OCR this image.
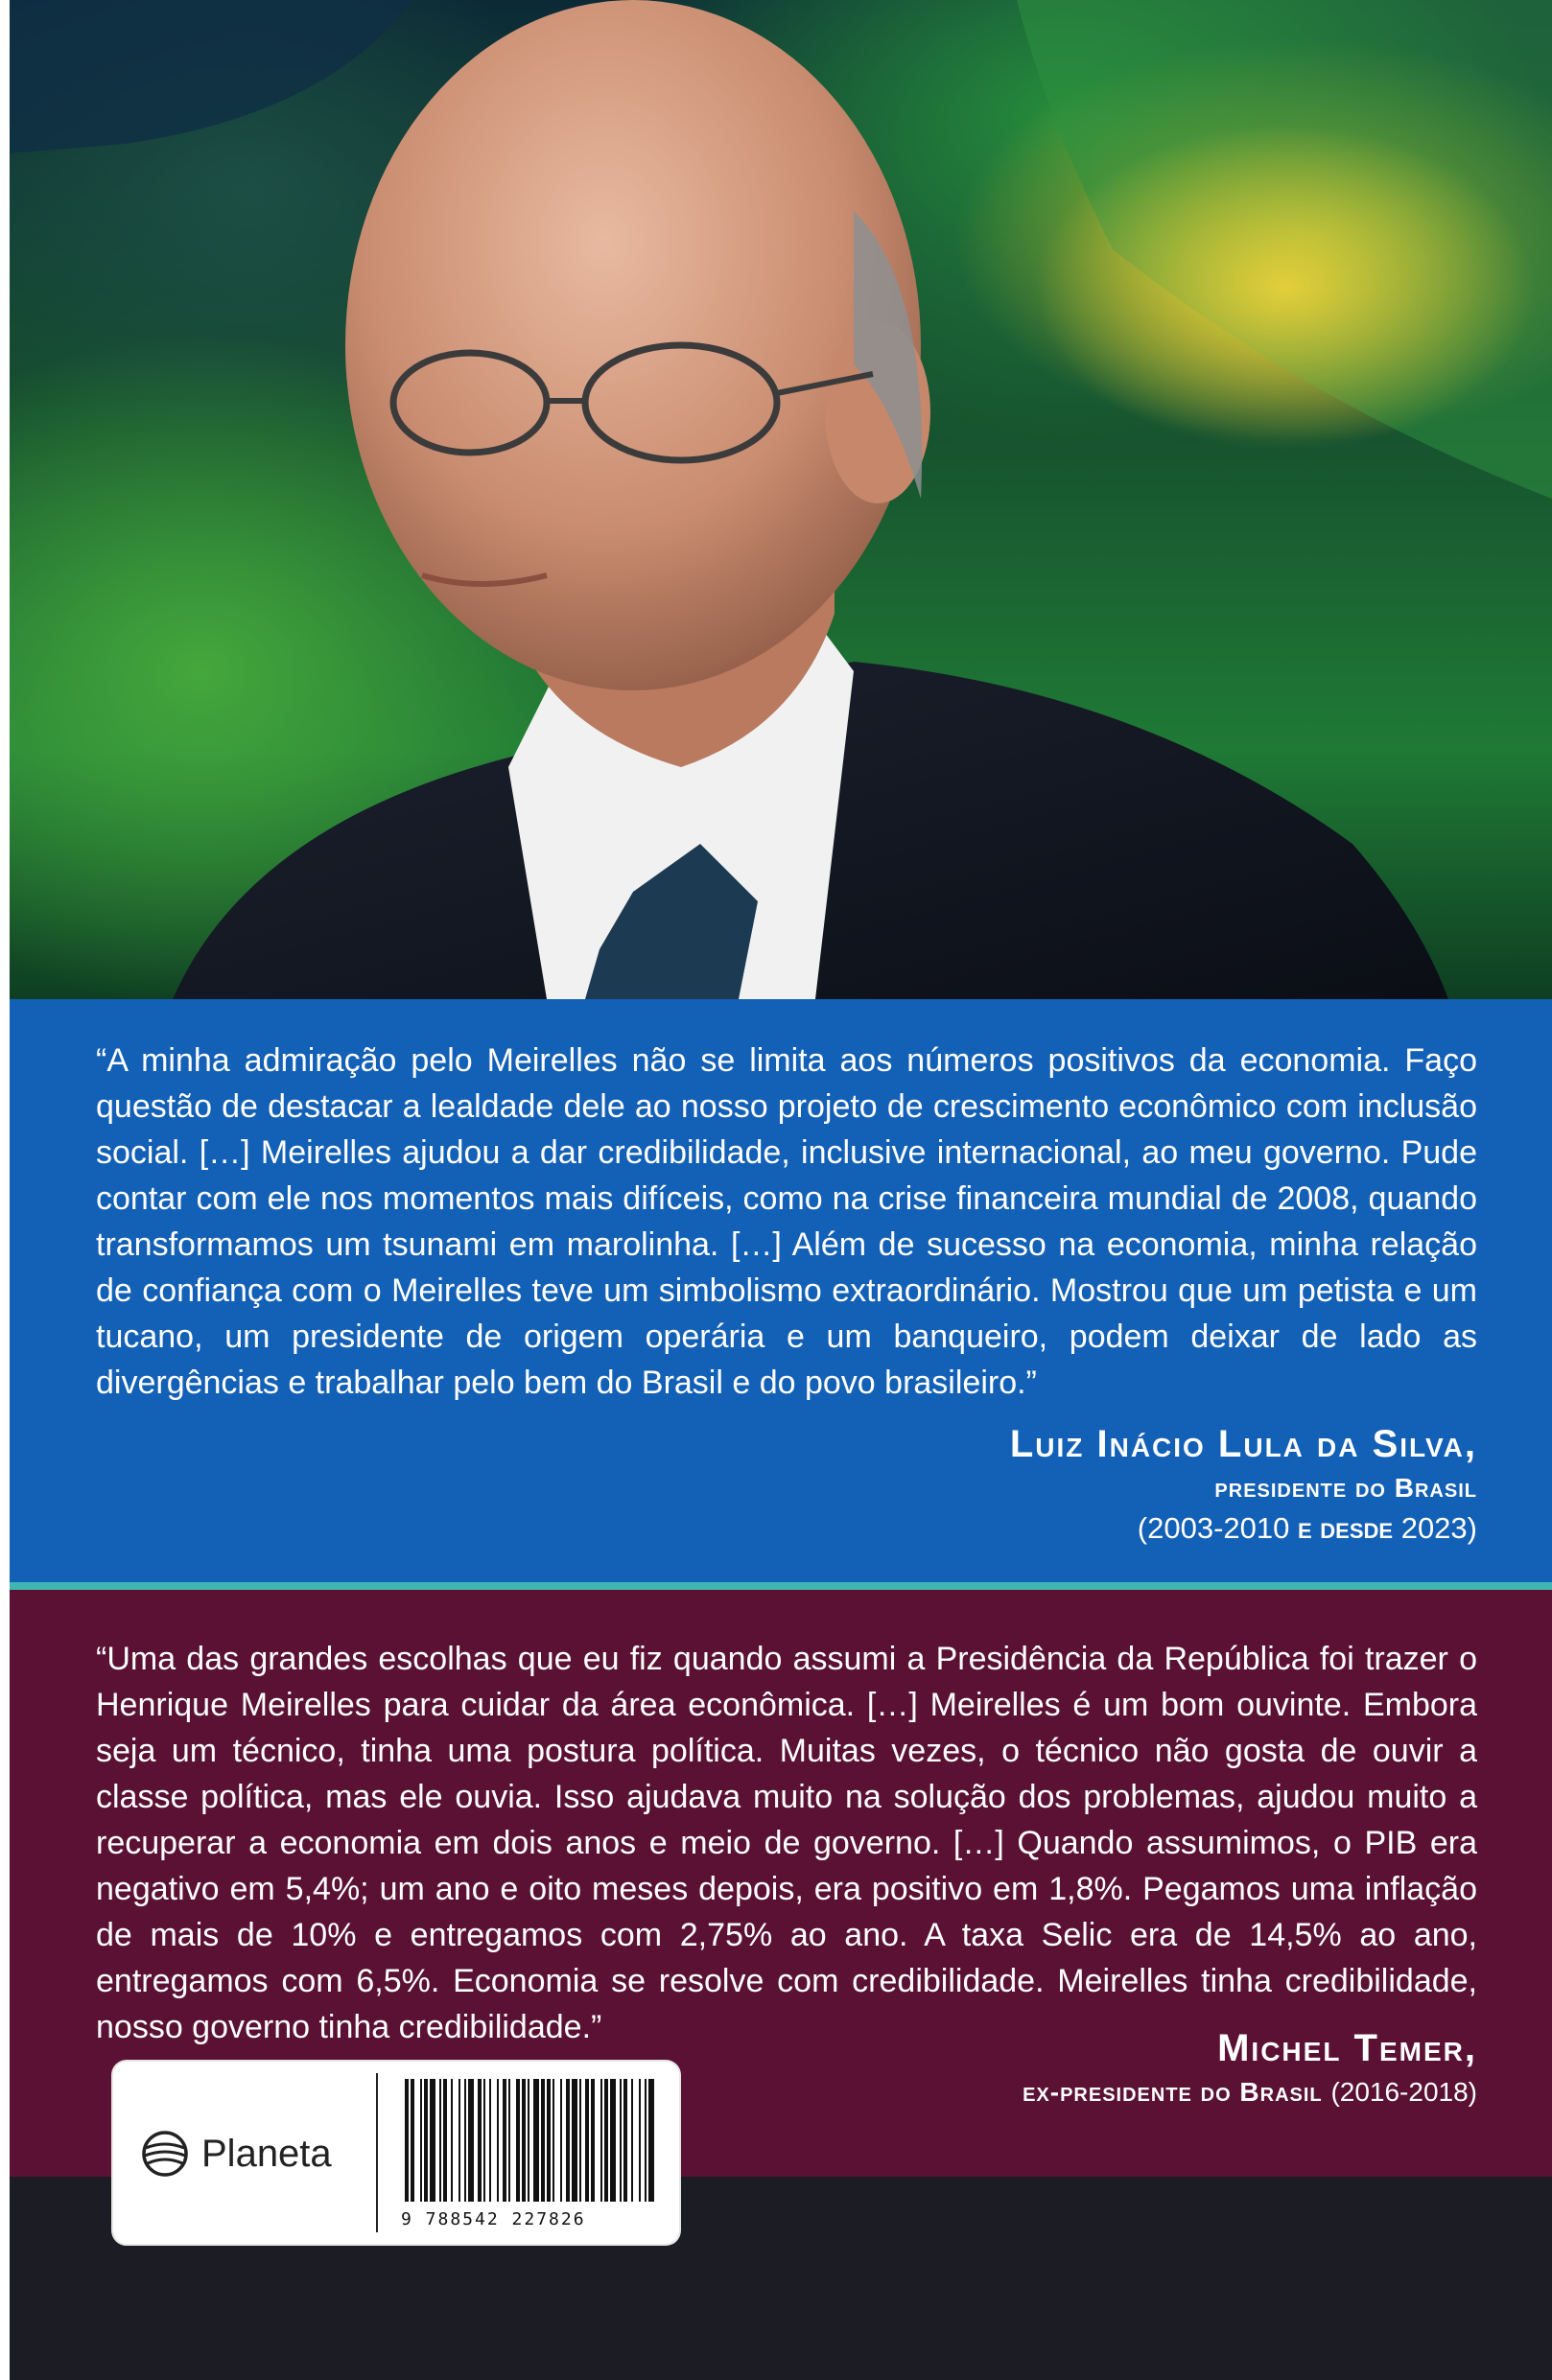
“A minha admiração pelo Meirelles não se limita aos números positivos da economia. Faço questão de destacar a lealdade dele ao nosso projeto de crescimento econômico com inclusão social. […] Meirelles ajudou a dar credibilidade, inclusive internacional, ao meu governo. Pude contar com ele nos momentos mais difíceis, como na crise financeira mundial de 2008, quando transformamos um tsunami em marolinha. […] Além de sucesso na economia, minha relação de confiança com o Meirelles teve um simbolismo extraordinário. Mostrou que um petista e um tucano, um presidente de origem operária e um banqueiro, podem deixar de lado as divergências e trabalhar pelo bem do Brasil e do povo brasileiro.”

Luiz Inácio Lula da Silva,

presidente do Brasil

(2003-2010 e desde 2023)

“Uma das grandes escolhas que eu fiz quando assumi a Presidência da República foi trazer o Henrique Meirelles para cuidar da área econômica. […] Meirelles é um bom ouvinte. Embora seja um técnico, tinha uma postura política. Muitas vezes, o técnico não gosta de ouvir a classe política, mas ele ouvia. Isso ajudava muito na solução dos problemas, ajudou muito a recuperar a economia em dois anos e meio de governo. […] Quando assumimos, o PIB era negativo em 5,4%; um ano e oito meses depois, era positivo em 1,8%. Pegamos uma inflação de mais de 10% e entregamos com 2,75% ao ano. A taxa Selic era de 14,5% ao ano, entregamos com 6,5%. Economia se resolve com credibilidade. Meirelles tinha credibilidade, nosso governo tinha credibilidade.”	Michel Temer,

ex-presidente do Brasil (2016-2018)

Planeta
9 788542 227826
